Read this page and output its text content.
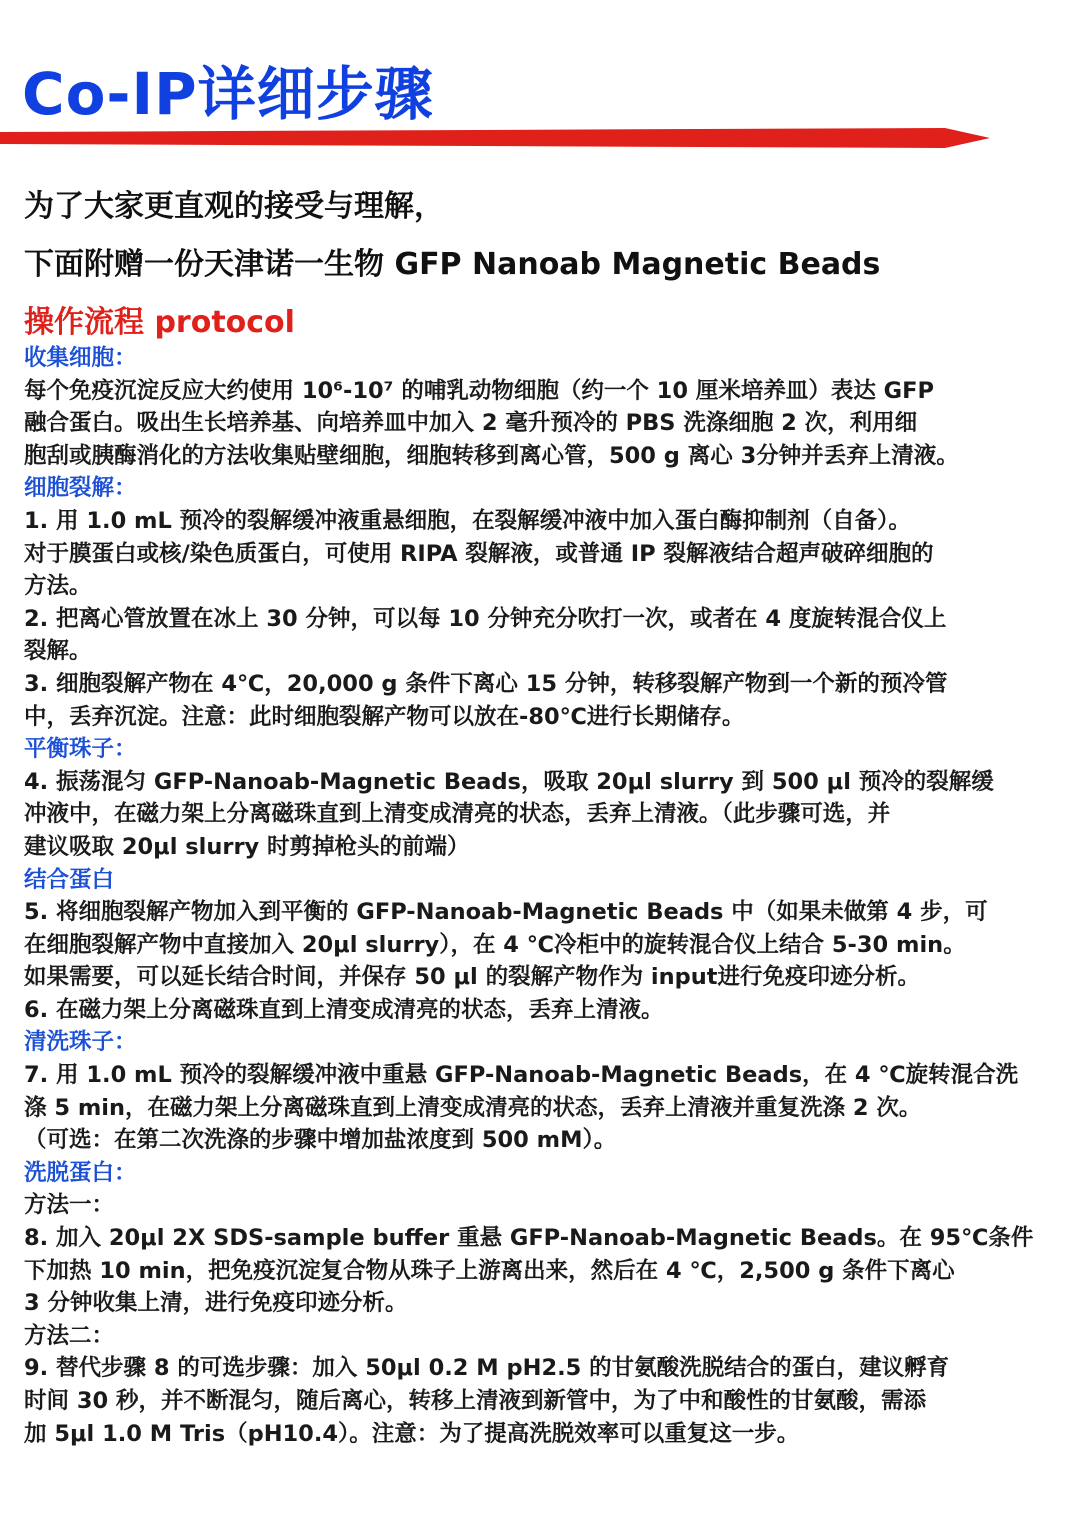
Co-IP详细步骤
为了大家更直观的接受与理解，
下面附赠一份天津诺一生物 GFP Nanoab Magnetic Beads
操作流程 protocol

收集细胞：

每个免疫沉淀反应大约使用 10⁶-10⁷ 的哺乳动物细胞（约一个 10 厘米培养皿）表达 GFP

融合蛋白。吸出生长培养基、向培养皿中加入 2 毫升预冷的 PBS 洗涤细胞 2 次，利用细

胞刮或胰酶消化的方法收集贴壁细胞，细胞转移到离心管，500 g 离心 3分钟并丢弃上清液。

细胞裂解：

1. 用 1.0 mL 预冷的裂解缓冲液重悬细胞，在裂解缓冲液中加入蛋白酶抑制剂（自备）。

对于膜蛋白或核/染色质蛋白，可使用 RIPA 裂解液，或普通 IP 裂解液结合超声破碎细胞的

方法。

2. 把离心管放置在冰上 30 分钟，可以每 10 分钟充分吹打一次，或者在 4 度旋转混合仪上

裂解。

3. 细胞裂解产物在 4℃，20,000 g 条件下离心 15 分钟，转移裂解产物到一个新的预冷管

中，丢弃沉淀。注意：此时细胞裂解产物可以放在-80℃进行长期储存。

平衡珠子：

4. 振荡混匀 GFP-Nanoab-Magnetic Beads，吸取 20μl slurry 到 500 μl 预冷的裂解缓

冲液中，在磁力架上分离磁珠直到上清变成清亮的状态，丢弃上清液。（此步骤可选，并

建议吸取 20μl slurry 时剪掉枪头的前端）

结合蛋白

5. 将细胞裂解产物加入到平衡的 GFP-Nanoab-Magnetic Beads 中（如果未做第 4 步，可

在细胞裂解产物中直接加入 20μl slurry），在 4 ℃冷柜中的旋转混合仪上结合 5-30 min。

如果需要，可以延长结合时间，并保存 50 μl 的裂解产物作为 input进行免疫印迹分析。

6. 在磁力架上分离磁珠直到上清变成清亮的状态，丢弃上清液。

清洗珠子：

7. 用 1.0 mL 预冷的裂解缓冲液中重悬 GFP-Nanoab-Magnetic Beads，在 4 ℃旋转混合洗

涤 5 min，在磁力架上分离磁珠直到上清变成清亮的状态，丢弃上清液并重复洗涤 2 次。

（可选：在第二次洗涤的步骤中增加盐浓度到 500 mM）。

洗脱蛋白：

方法一：

8. 加入 20μl 2X SDS-sample buffer 重悬 GFP-Nanoab-Magnetic Beads。在 95℃条件

下加热 10 min，把免疫沉淀复合物从珠子上游离出来，然后在 4 ℃，2,500 g 条件下离心

3 分钟收集上清，进行免疫印迹分析。

方法二：

9. 替代步骤 8 的可选步骤：加入 50μl 0.2 M pH2.5 的甘氨酸洗脱结合的蛋白，建议孵育

时间 30 秒，并不断混匀，随后离心，转移上清液到新管中，为了中和酸性的甘氨酸，需添

加 5μl 1.0 M Tris（pH10.4）。注意：为了提高洗脱效率可以重复这一步。
